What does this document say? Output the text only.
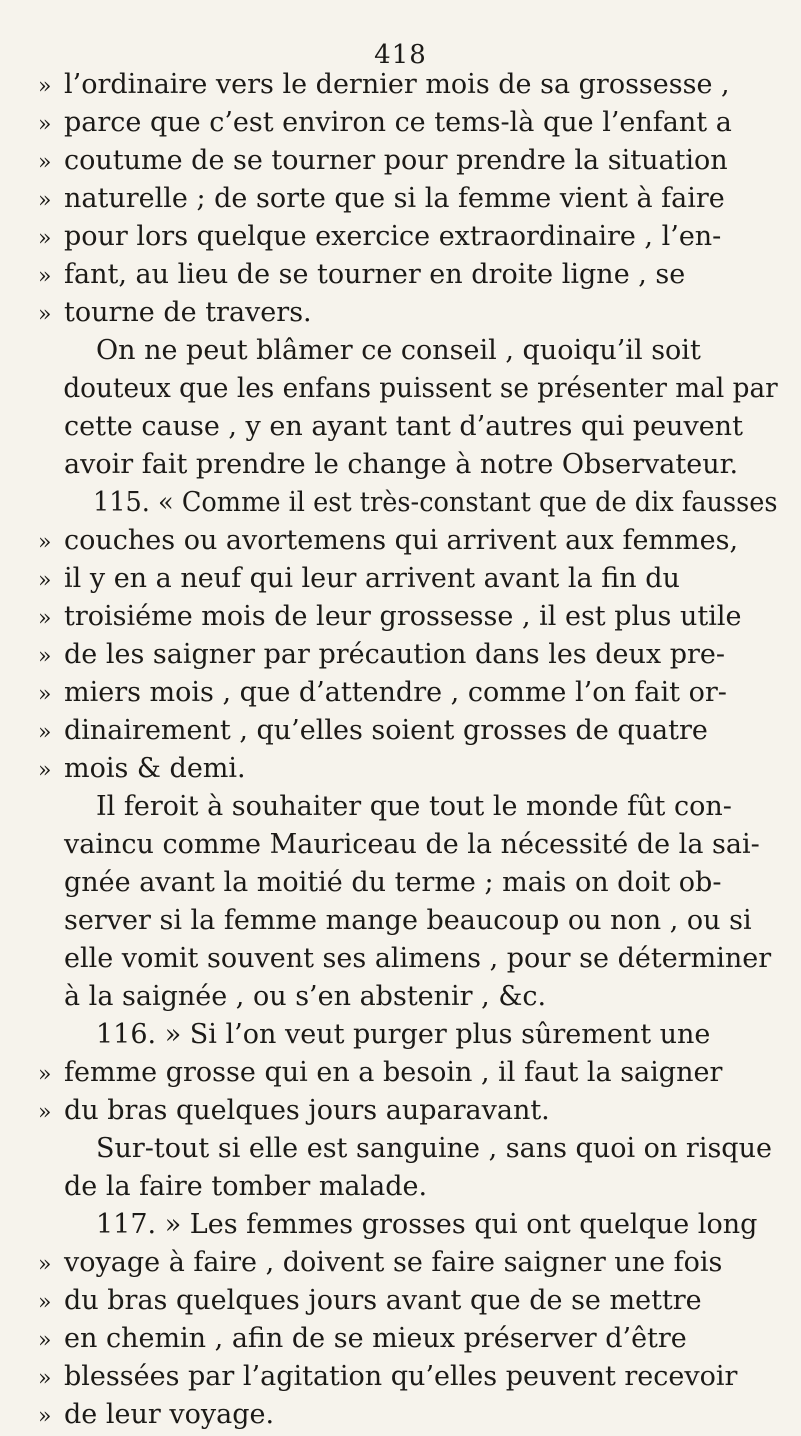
418
» l’ordinaire vers le dernier mois de sa grossesse ,
» parce que c’est environ ce tems-là que l’enfant a
» coutume de se tourner pour prendre la situation
» naturelle ; de sorte que si la femme vient à faire
» pour lors quelque exercice extraordinaire , l’en-
» fant, au lieu de se tourner en droite ligne , se
» tourne de travers.
On ne peut blâmer ce conseil , quoiqu’il soit
douteux que les enfans puissent se présenter mal par
cette cause , y en ayant tant d’autres qui peuvent
avoir fait prendre le change à notre Observateur.
115. « Comme il est très-constant que de dix fausses
» couches ou avortemens qui arrivent aux femmes,
» il y en a neuf qui leur arrivent avant la fin du
» troisiéme mois de leur grossesse , il est plus utile
» de les saigner par précaution dans les deux pre-
» miers mois , que d’attendre , comme l’on fait or-
» dinairement , qu’elles soient grosses de quatre
» mois & demi.
Il feroit à souhaiter que tout le monde fût con-
vaincu comme Mauriceau de la nécessité de la sai-
gnée avant la moitié du terme ; mais on doit ob-
server si la femme mange beaucoup ou non , ou si
elle vomit souvent ses alimens , pour se déterminer
à la saignée , ou s’en abstenir , &c.
116. » Si l’on veut purger plus sûrement une
» femme grosse qui en a besoin , il faut la saigner
» du bras quelques jours auparavant.
Sur-tout si elle est sanguine , sans quoi on risque
de la faire tomber malade.
117. » Les femmes grosses qui ont quelque long
» voyage à faire , doivent se faire saigner une fois
» du bras quelques jours avant que de se mettre
» en chemin , afin de se mieux préserver d’être
» blessées par l’agitation qu’elles peuvent recevoir
» de leur voyage.
